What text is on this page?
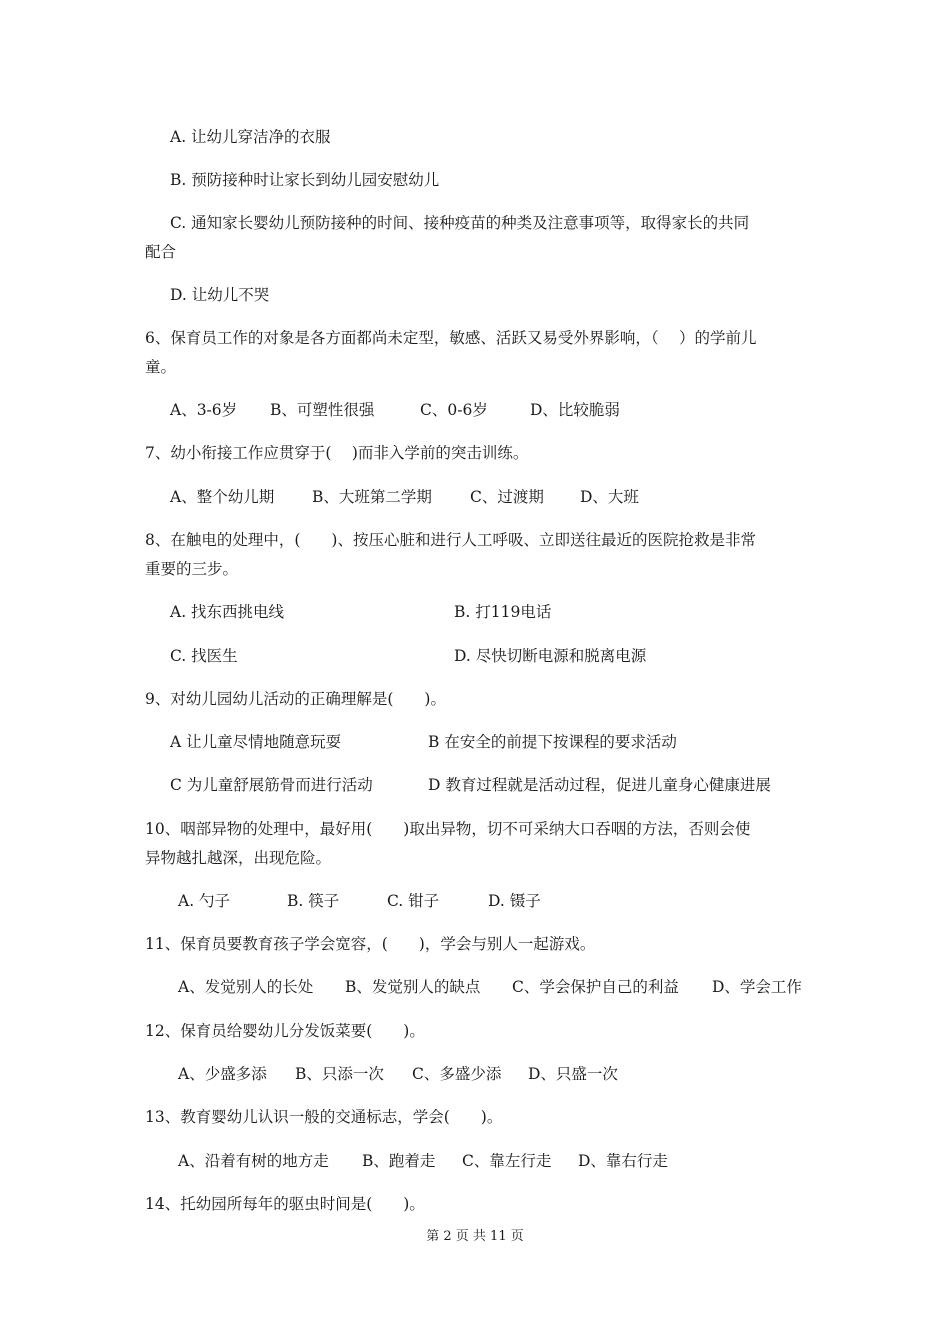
A. 让幼儿穿洁净的衣服
B. 预防接种时让家长到幼儿园安慰幼儿
C. 通知家长婴幼儿预防接种的时间、接种疫苗的种类及注意事项等，取得家长的共同
配合
D. 让幼儿不哭
6、保育员工作的对象是各方面都尚未定型，敏感、活跃又易受外界影响，（　 ）的学前儿
童。
A、3-6岁 B、可塑性很强	C、0-6岁	D、比较脆弱
7、幼小衔接工作应贯穿于(　 )而非入学前的突击训练。
A、整个幼儿期 B、大班第二学期 C、过渡期 D、大班
8、在触电的处理中，(　　)、按压心脏和进行人工呼吸、立即送往最近的医院抢救是非常
重要的三步。
A. 找东西挑电线	B. 打119电话
C. 找医生	D. 尽快切断电源和脱离电源
9、对幼儿园幼儿活动的正确理解是(　　)。
A 让儿童尽情地随意玩耍	B 在安全的前提下按课程的要求活动
C 为儿童舒展筋骨而进行活动	D 教育过程就是活动过程，促进儿童身心健康进展
10、咽部异物的处理中，最好用(　　)取出异物，切不可采纳大口吞咽的方法，否则会使
异物越扎越深，出现危险。
A. 勺子	B. 筷子	C. 钳子	D. 镊子
11、保育员要教育孩子学会宽容，(　　)，学会与别人一起游戏。
A、发觉别人的长处 B、发觉别人的缺点 C、学会保护自己的利益 D、学会工作
12、保育员给婴幼儿分发饭菜要(　　)。
A、少盛多添 B、只添一次 C、多盛少添 D、只盛一次
13、教育婴幼儿认识一般的交通标志，学会(　　)。
A、沿着有树的地方走 B、跑着走 C、靠左行走 D、靠右行走
14、托幼园所每年的驱虫时间是(　　)。
第 2 页 共 11 页
